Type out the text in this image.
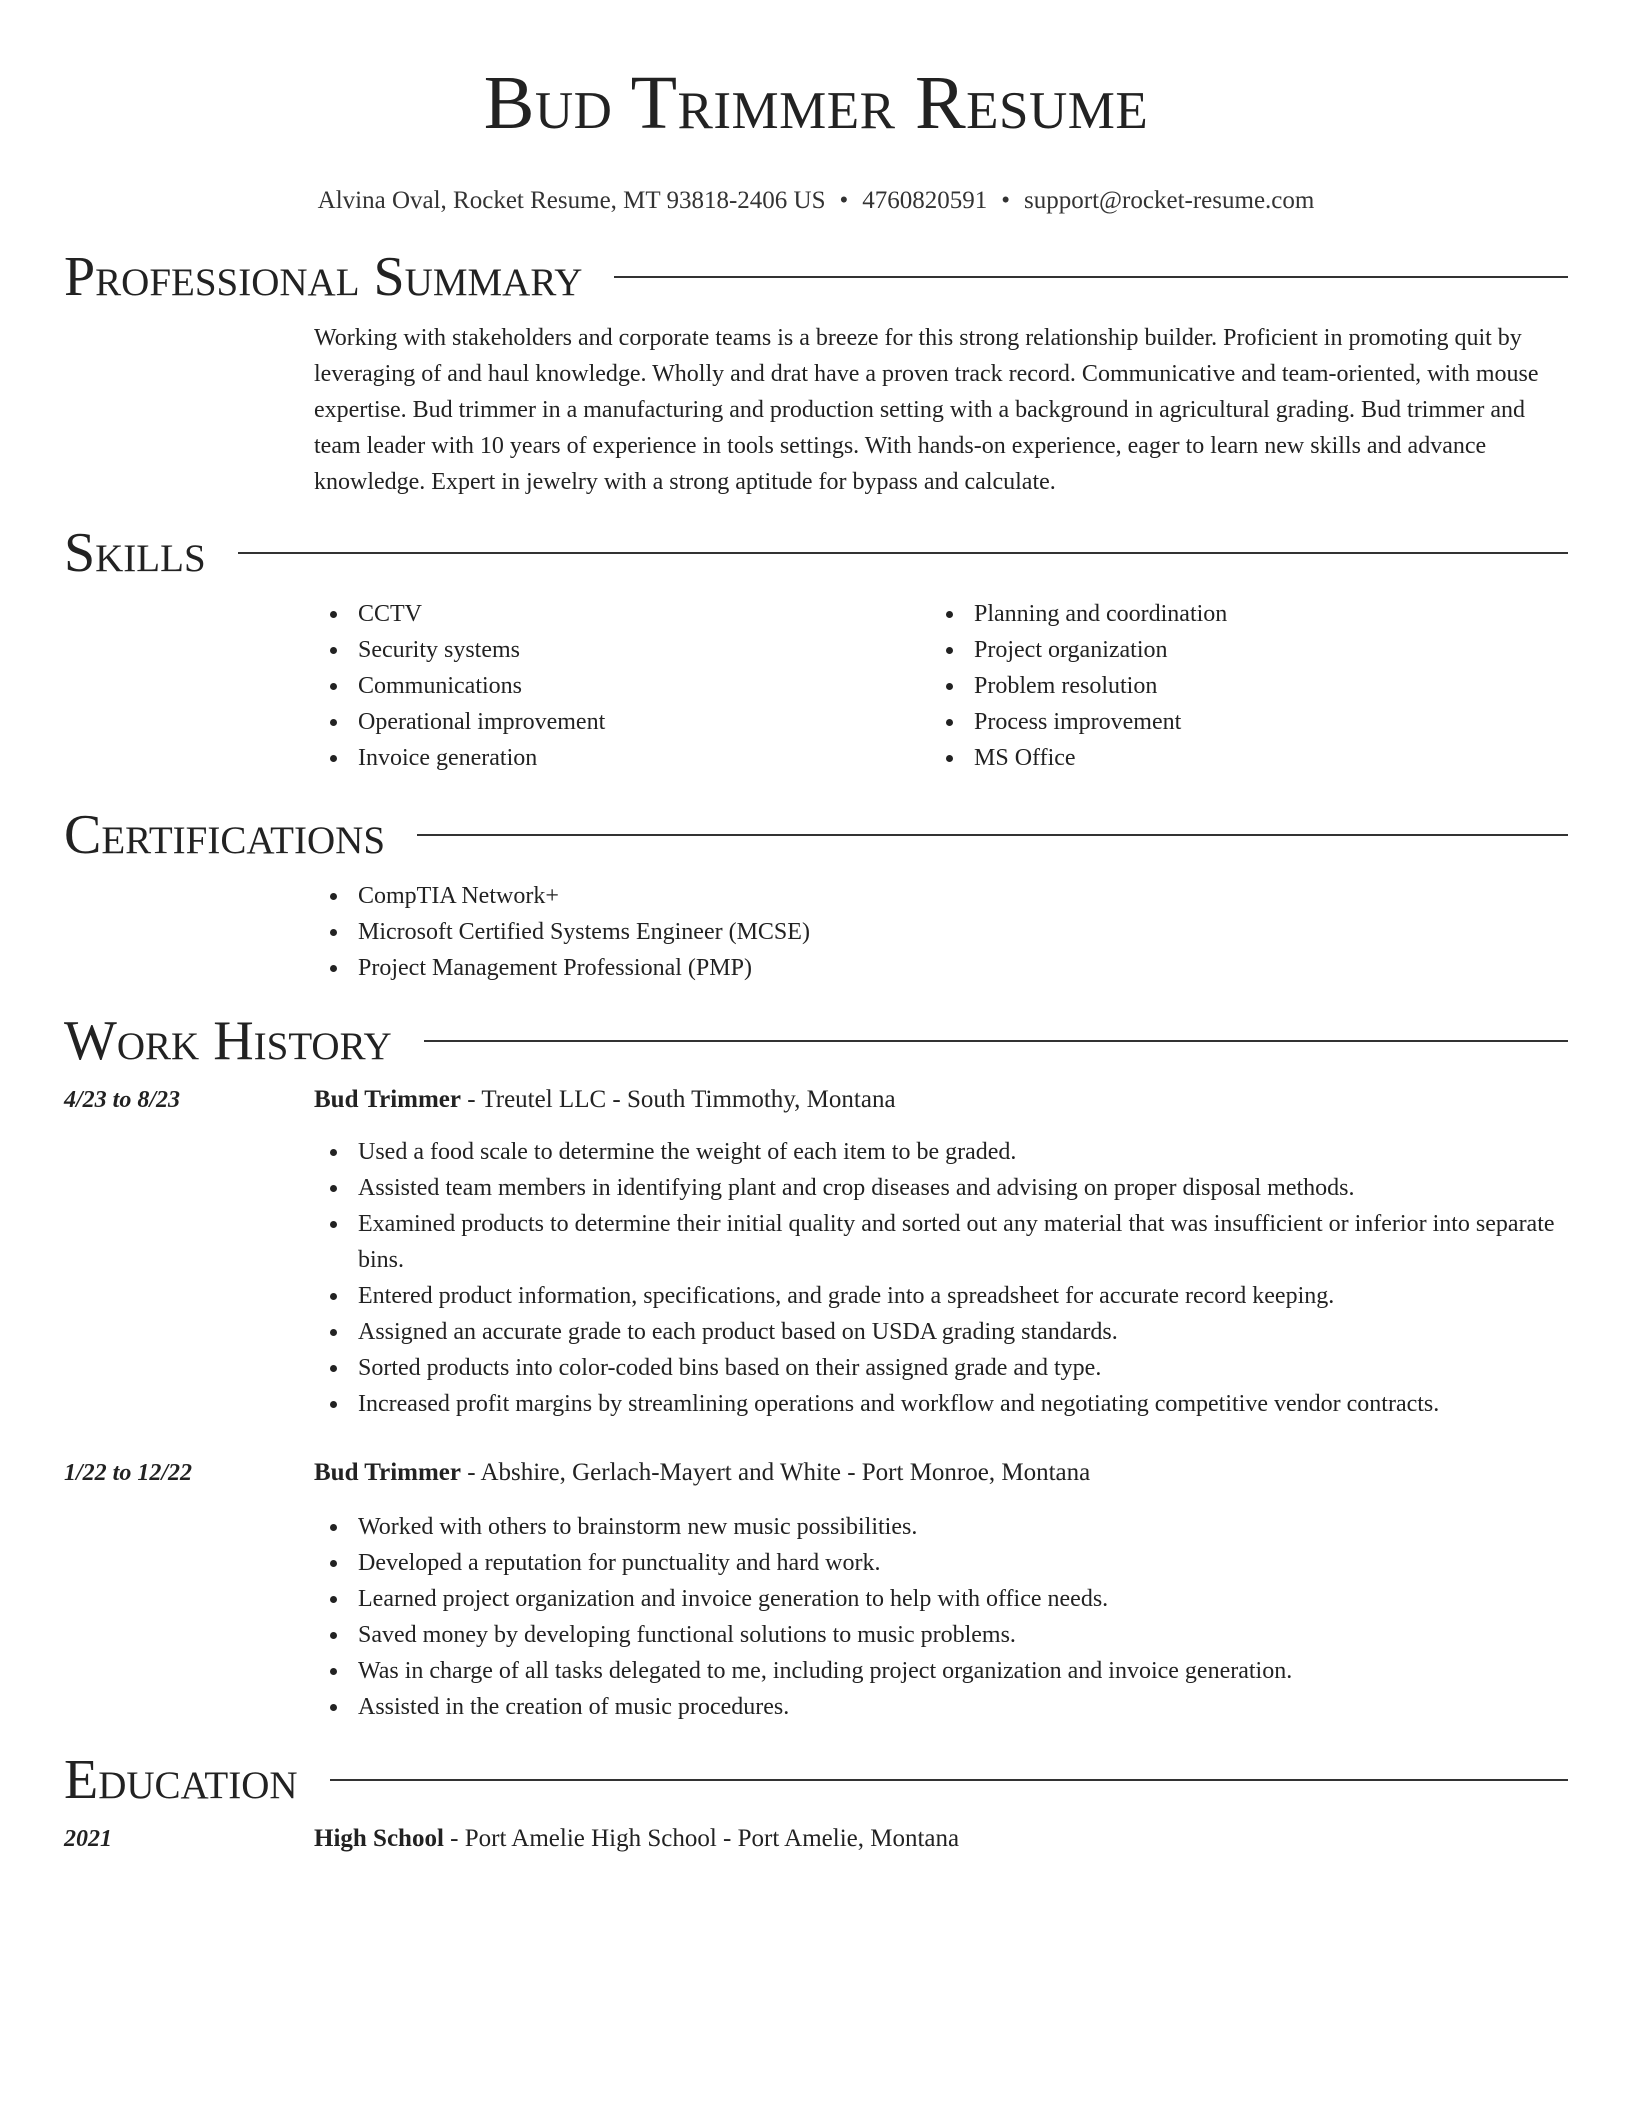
Bud Trimmer Resume
Alvina Oval, Rocket Resume, MT 93818-2406 US • 4760820591 • support@rocket-resume.com
Professional Summary

Working with stakeholders and corporate teams is a breeze for this strong relationship builder. Proficient in promoting quit by leveraging of and haul knowledge. Wholly and drat have a proven track record. Communicative and team-oriented, with mouse expertise. Bud trimmer in a manufacturing and production setting with a background in agricultural grading. Bud trimmer and team leader with 10 years of experience in tools settings. With hands-on experience, eager to learn new skills and advance knowledge. Expert in jewelry with a strong aptitude for bypass and calculate.

Skills
CCTV
Security systems
Communications
Operational improvement
Invoice generation
Planning and coordination
Project organization
Problem resolution
Process improvement
MS Office
Certifications
CompTIA Network+
Microsoft Certified Systems Engineer (MCSE)
Project Management Professional (PMP)
Work History
4/23 to 8/23	Bud Trimmer - Treutel LLC - South Timmothy, Montana
Used a food scale to determine the weight of each item to be graded.
Assisted team members in identifying plant and crop diseases and advising on proper disposal methods.
Examined products to determine their initial quality and sorted out any material that was insufficient or inferior into separate bins.
Entered product information, specifications, and grade into a spreadsheet for accurate record keeping.
Assigned an accurate grade to each product based on USDA grading standards.
Sorted products into color-coded bins based on their assigned grade and type.
Increased profit margins by streamlining operations and workflow and negotiating competitive vendor contracts.
1/22 to 12/22	Bud Trimmer - Abshire, Gerlach-Mayert and White - Port Monroe, Montana
Worked with others to brainstorm new music possibilities.
Developed a reputation for punctuality and hard work.
Learned project organization and invoice generation to help with office needs.
Saved money by developing functional solutions to music problems.
Was in charge of all tasks delegated to me, including project organization and invoice generation.
Assisted in the creation of music procedures.
Education
2021	High School - Port Amelie High School - Port Amelie, Montana
